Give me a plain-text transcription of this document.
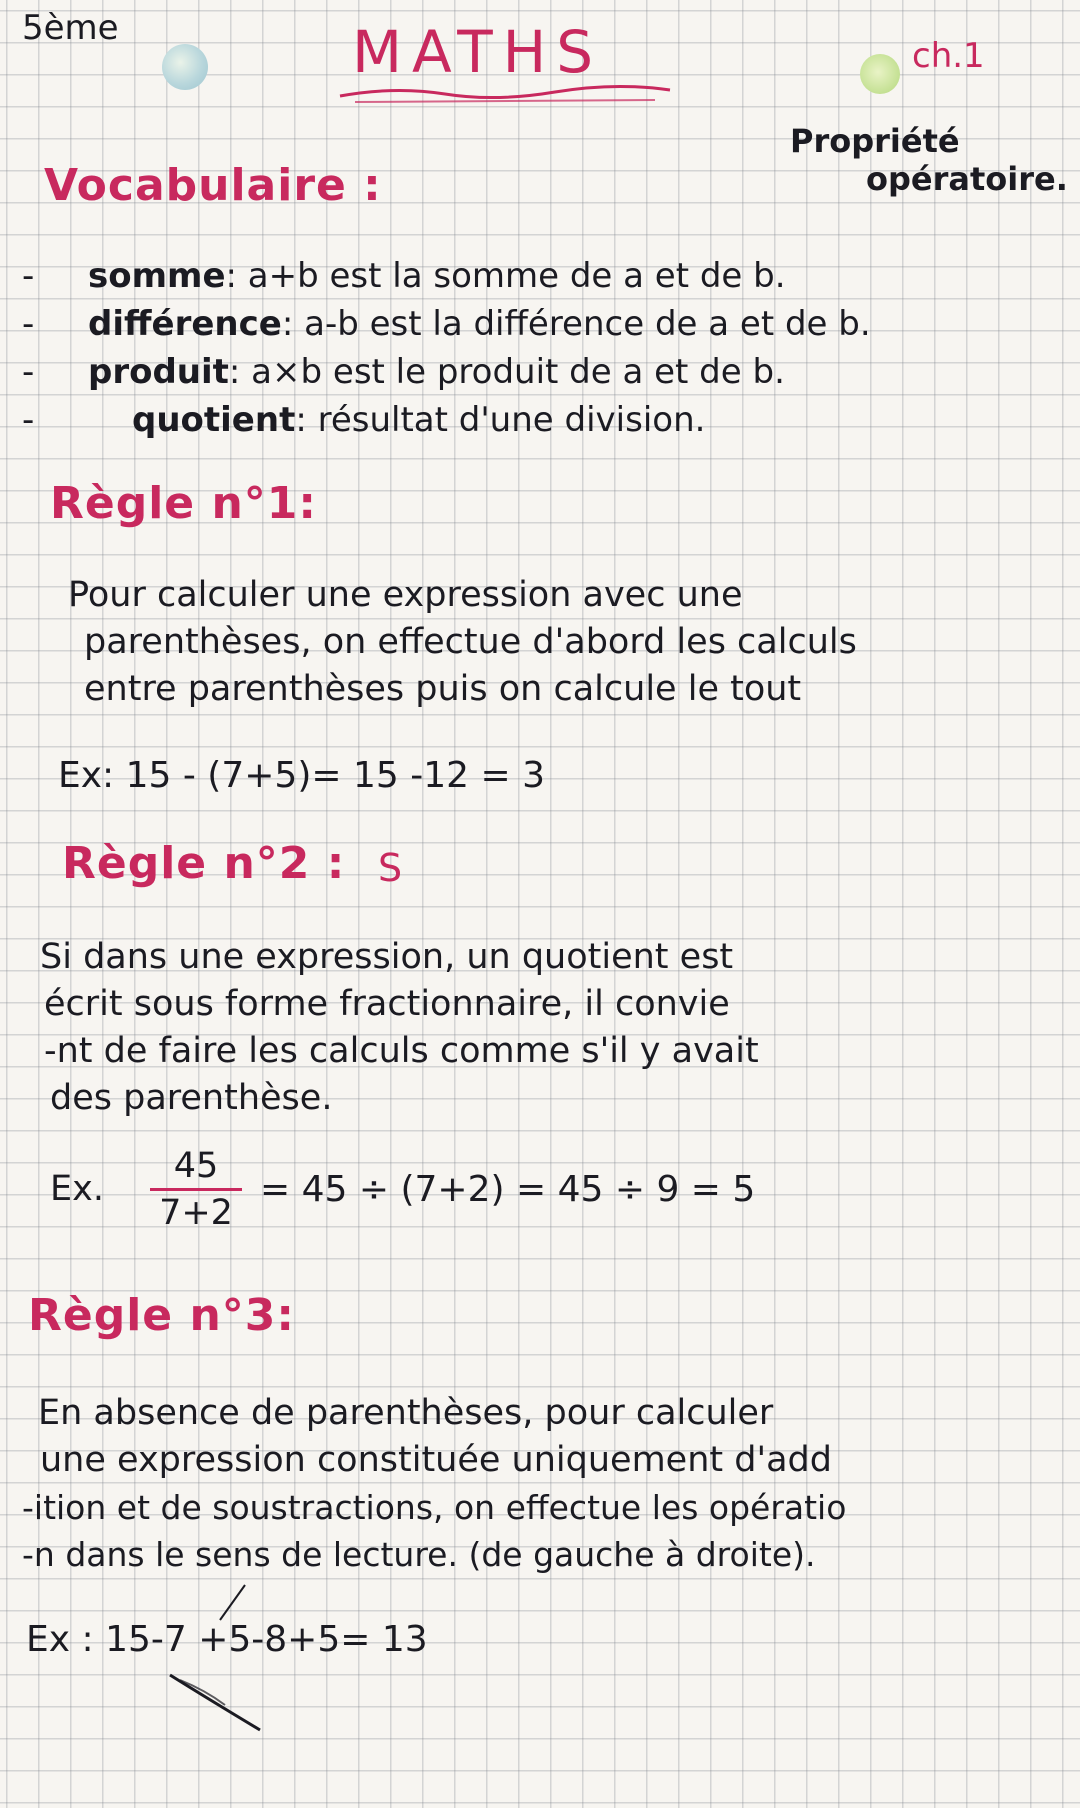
5ème	MATHS	ch.1
Propriété
opératoire.
Vocabulaire :
-	somme : a+b est la somme de a et de b.
-	différence : a-b est la différence de a et de b.
-	produit : a×b est le produit de a et de b.
-	quotient : résultat d'une division.
Règle n°1:
Pour calculer une expression avec une
parenthèses, on effectue d'abord les calculs
entre parenthèses puis on calcule le tout
Ex: 15 - (7+5)= 15 -12 = 3
Règle n°2 : S
Si dans une expression, un quotient est
écrit sous forme fractionnaire, il convie
-nt de faire les calculs comme s'il y avait
des parenthèse.
Ex.
45
7+2
= 45 ÷ (7+2) = 45 ÷ 9 = 5
Règle n°3:
En absence de parenthèses, pour calculer
une expression constituée uniquement d'add
-ition et de soustractions, on effectue les opératio
-n dans le sens de lecture. (de gauche à droite).
Ex : 15-7 +5-8+5= 13
